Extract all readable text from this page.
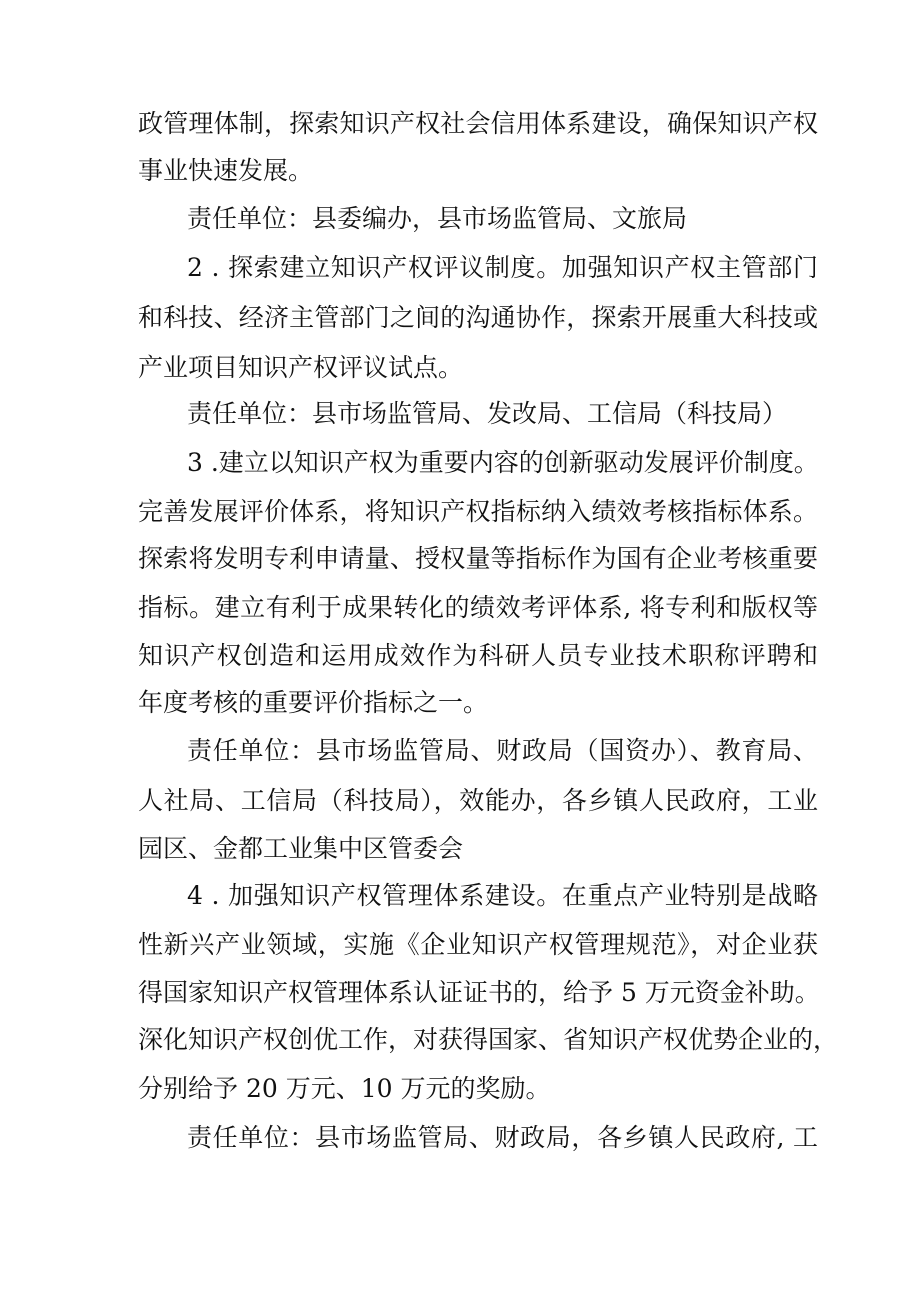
政管理体制，探索知识产权社会信用体系建设，确保知识产权
事业快速发展。
责任单位：县委编办，县市场监管局、文旅局
2 . 探索建立知识产权评议制度。加强知识产权主管部门
和科技、经济主管部门之间的沟通协作，探索开展重大科技或
产业项目知识产权评议试点。
责任单位：县市场监管局、发改局、工信局（科技局）
3 .建立以知识产权为重要内容的创新驱动发展评价制度。
完善发展评价体系，将知识产权指标纳入绩效考核指标体系。
探索将发明专利申请量、授权量等指标作为国有企业考核重要
指标。建立有利于成果转化的绩效考评体系, 将专利和版权等
知识产权创造和运用成效作为科研人员专业技术职称评聘和
年度考核的重要评价指标之一。
责任单位：县市场监管局、财政局（国资办）、教育局、
人社局、工信局（科技局），效能办，各乡镇人民政府，工业
园区、金都工业集中区管委会
4 . 加强知识产权管理体系建设。在重点产业特别是战略
性新兴产业领域，实施《企业知识产权管理规范》，对企业获
得国家知识产权管理体系认证证书的，给予 5 万元资金补助。
深化知识产权创优工作，对获得国家、省知识产权优势企业的，
分别给予 20 万元、10 万元的奖励。
责任单位：县市场监管局、财政局，各乡镇人民政府, 工
